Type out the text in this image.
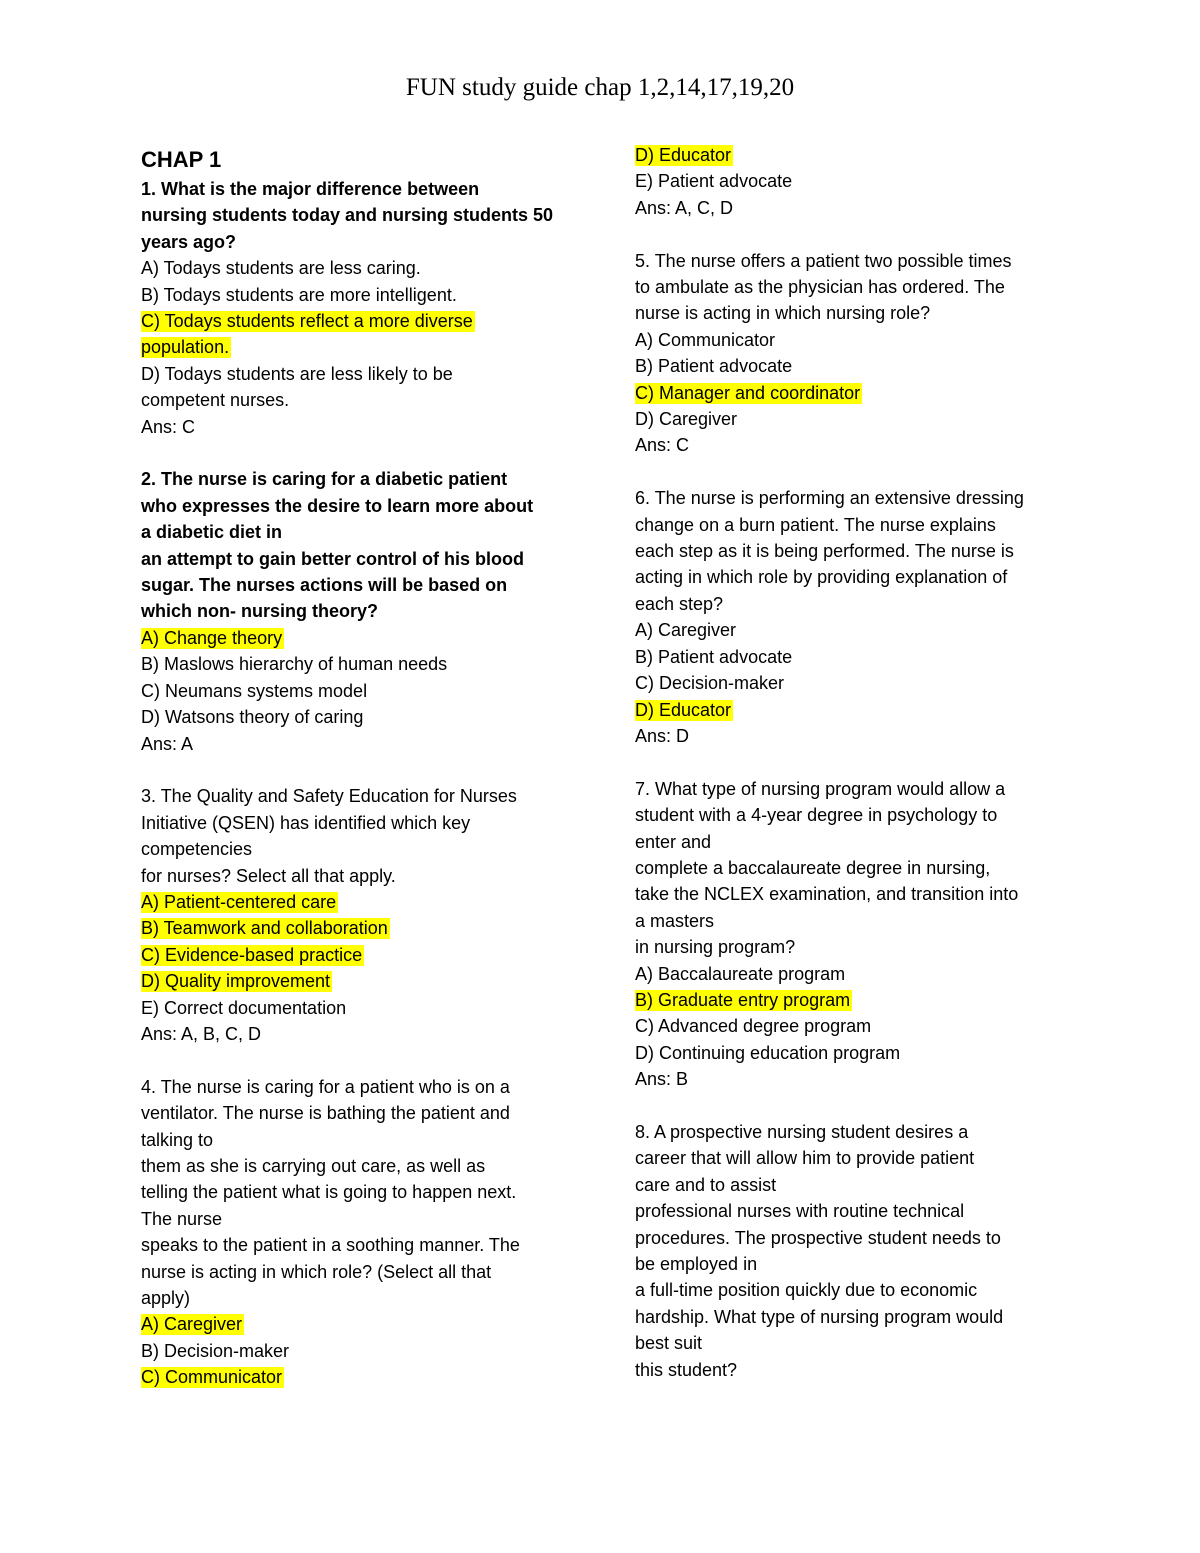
FUN study guide chap 1,2,14,17,19,20
CHAP 1
1. What is the major difference between
nursing students today and nursing students 50
years ago?
A) Todays students are less caring.
B) Todays students are more intelligent.
C) Todays students reflect a more diverse
population.
D) Todays students are less likely to be
competent nurses.
Ans: C
2. The nurse is caring for a diabetic patient
who expresses the desire to learn more about
a diabetic diet in
an attempt to gain better control of his blood
sugar. The nurses actions will be based on
which non- nursing theory?
A) Change theory
B) Maslows hierarchy of human needs
C) Neumans systems model
D) Watsons theory of caring
Ans: A
3. The Quality and Safety Education for Nurses
Initiative (QSEN) has identified which key
competencies
for nurses? Select all that apply.
A) Patient-centered care
B) Teamwork and collaboration
C) Evidence-based practice
D) Quality improvement
E) Correct documentation
Ans: A, B, C, D
4. The nurse is caring for a patient who is on a
ventilator. The nurse is bathing the patient and
talking to
them as she is carrying out care, as well as
telling the patient what is going to happen next.
The nurse
speaks to the patient in a soothing manner. The
nurse is acting in which role? (Select all that
apply)
A) Caregiver
B) Decision-maker
C) Communicator
D) Educator
E) Patient advocate
Ans: A, C, D
5. The nurse offers a patient two possible times
to ambulate as the physician has ordered. The
nurse is acting in which nursing role?
A) Communicator
B) Patient advocate
C) Manager and coordinator
D) Caregiver
Ans: C
6. The nurse is performing an extensive dressing
change on a burn patient. The nurse explains
each step as it is being performed. The nurse is
acting in which role by providing explanation of
each step?
A) Caregiver
B) Patient advocate
C) Decision-maker
D) Educator
Ans: D
7. What type of nursing program would allow a
student with a 4-year degree in psychology to
enter and
complete a baccalaureate degree in nursing,
take the NCLEX examination, and transition into
a masters
in nursing program?
A) Baccalaureate program
B) Graduate entry program
C) Advanced degree program
D) Continuing education program
Ans: B
8. A prospective nursing student desires a
career that will allow him to provide patient
care and to assist
professional nurses with routine technical
procedures. The prospective student needs to
be employed in
a full-time position quickly due to economic
hardship. What type of nursing program would
best suit
this student?
